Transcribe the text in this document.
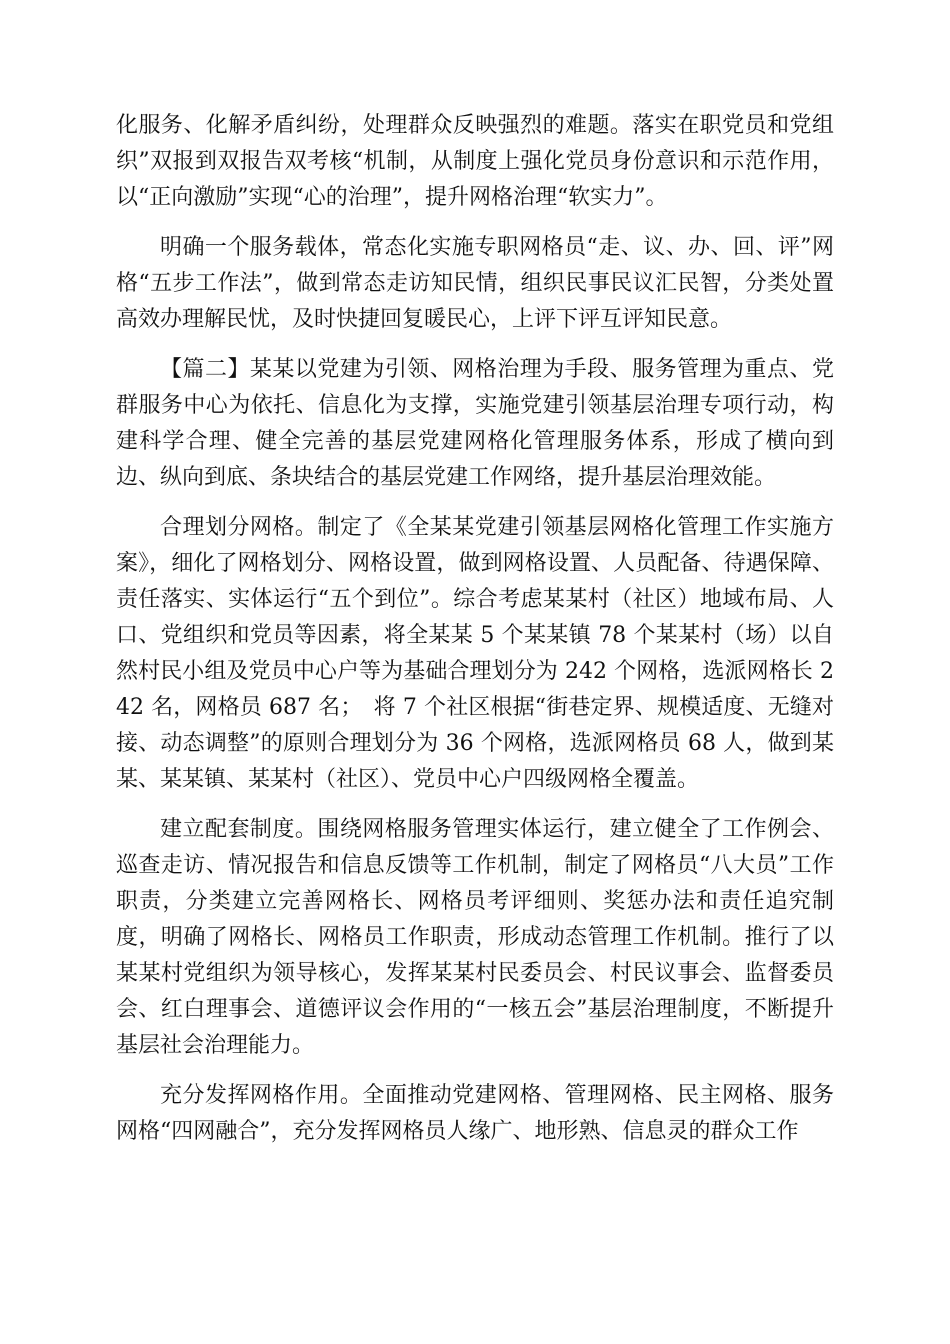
化服务、化解矛盾纠纷，处理群众反映强烈的难题。落实在职党员和党组织”双报到双报告双考核“机制，从制度上强化党员身份意识和示范作用，以“正向激励”实现“心的治理”，提升网格治理“软实力”。

明确一个服务载体，常态化实施专职网格员“走、议、办、回、评”网格“五步工作法”，做到常态走访知民情，组织民事民议汇民智，分类处置高效办理解民忧，及时快捷回复暖民心，上评下评互评知民意。

【篇二】某某以党建为引领、网格治理为手段、服务管理为重点、党群服务中心为依托、信息化为支撑，实施党建引领基层治理专项行动，构建科学合理、健全完善的基层党建网格化管理服务体系，形成了横向到边、纵向到底、条块结合的基层党建工作网络，提升基层治理效能。

合理划分网格。制定了《全某某党建引领基层网格化管理工作实施方案》，细化了网格划分、网格设置，做到网格设置、人员配备、待遇保障、责任落实、实体运行“五个到位”。综合考虑某某村（社区）地域布局、人口、党组织和党员等因素，将全某某 5 个某某镇 78 个某某村（场）以自然村民小组及党员中心户等为基础合理划分为 242 个网格，选派网格长 242 名，网格员 687 名；　将 7 个社区根据“街巷定界、规模适度、无缝对接、动态调整”的原则合理划分为 36 个网格，选派网格员 68 人，做到某某、某某镇、某某村（社区）、党员中心户四级网格全覆盖。

建立配套制度。围绕网格服务管理实体运行，建立健全了工作例会、巡查走访、情况报告和信息反馈等工作机制，制定了网格员“八大员”工作职责，分类建立完善网格长、网格员考评细则、奖惩办法和责任追究制度，明确了网格长、网格员工作职责，形成动态管理工作机制。推行了以某某村党组织为领导核心，发挥某某村民委员会、村民议事会、监督委员会、红白理事会、道德评议会作用的“一核五会”基层治理制度，不断提升基层社会治理能力。

充分发挥网格作用。全面推动党建网格、管理网格、民主网格、服务网格“四网融合”，充分发挥网格员人缘广、地形熟、信息灵的群众工作
